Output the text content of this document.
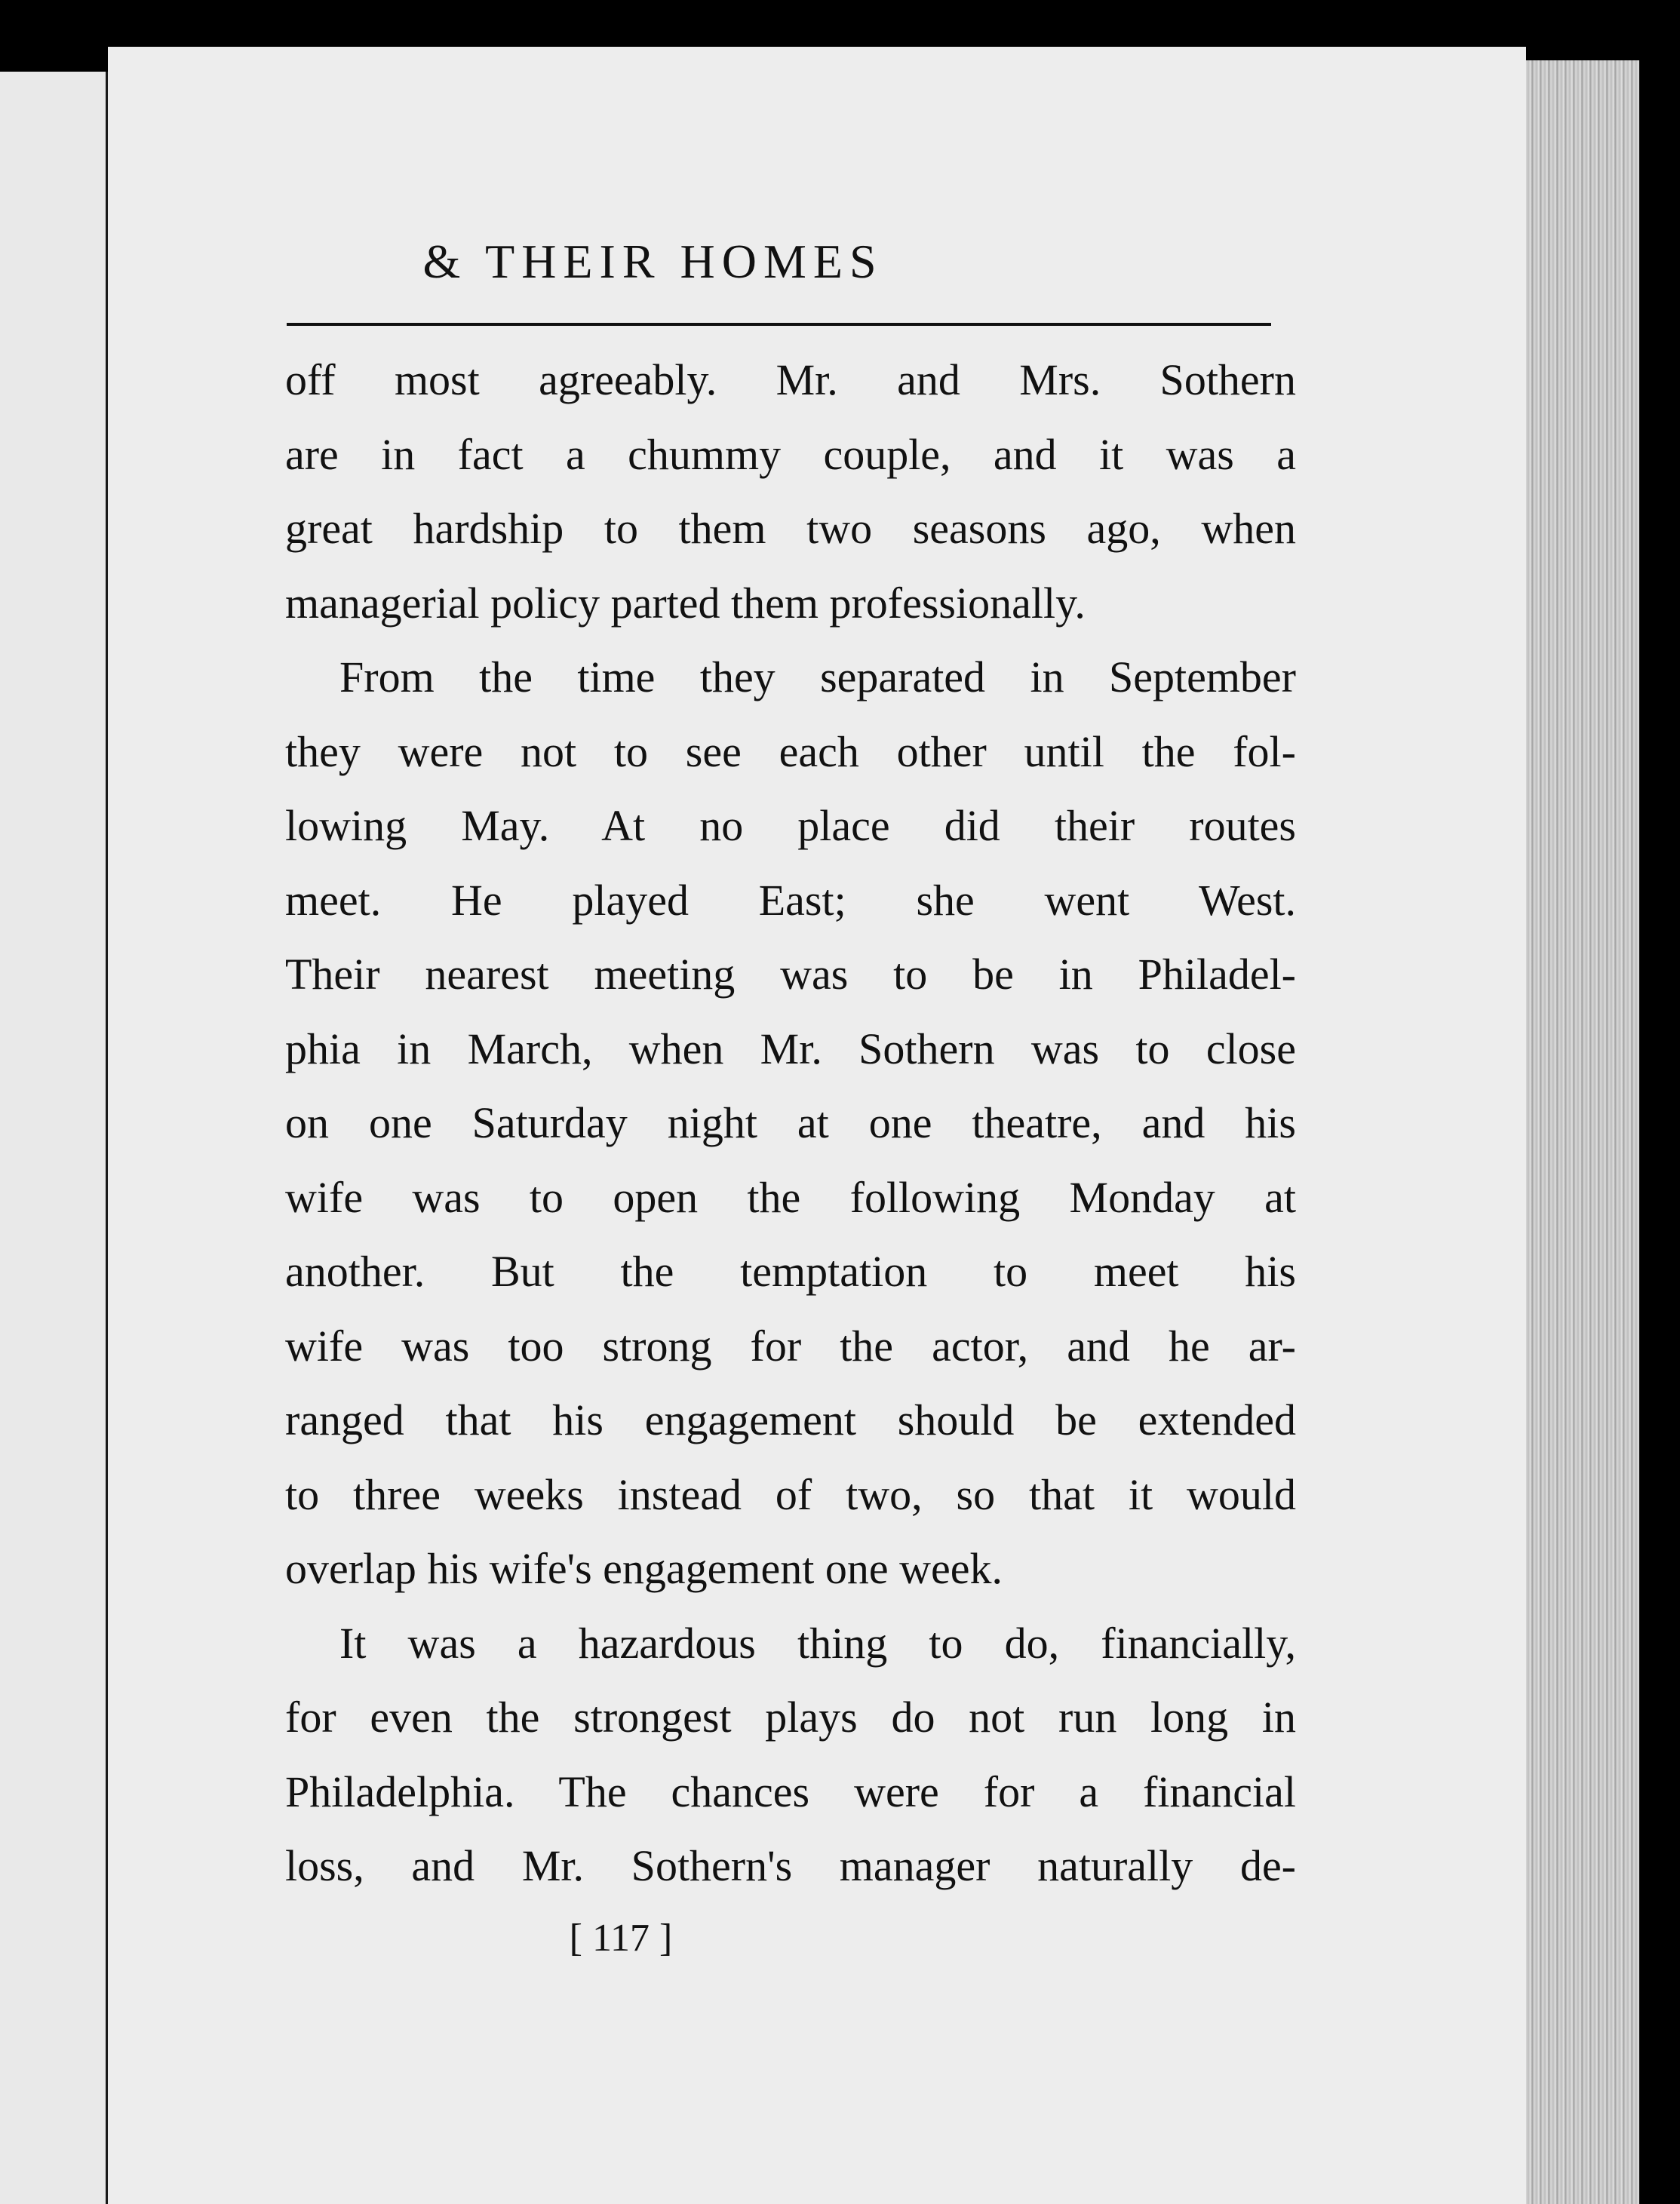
& THEIR HOMES
off most agreeably. Mr. and Mrs. Sothern
are in fact a chummy couple, and it was a
great hardship to them two seasons ago, when
managerial policy parted them professionally.
From the time they separated in September
they were not to see each other until the fol-
lowing May. At no place did their routes
meet. He played East; she went West.
Their nearest meeting was to be in Philadel-
phia in March, when Mr. Sothern was to close
on one Saturday night at one theatre, and his
wife was to open the following Monday at
another. But the temptation to meet his
wife was too strong for the actor, and he ar-
ranged that his engagement should be extended
to three weeks instead of two, so that it would
overlap his wife's engagement one week.
It was a hazardous thing to do, financially,
for even the strongest plays do not run long in
Philadelphia. The chances were for a financial
loss, and Mr. Sothern's manager naturally de-
[ 117 ]
